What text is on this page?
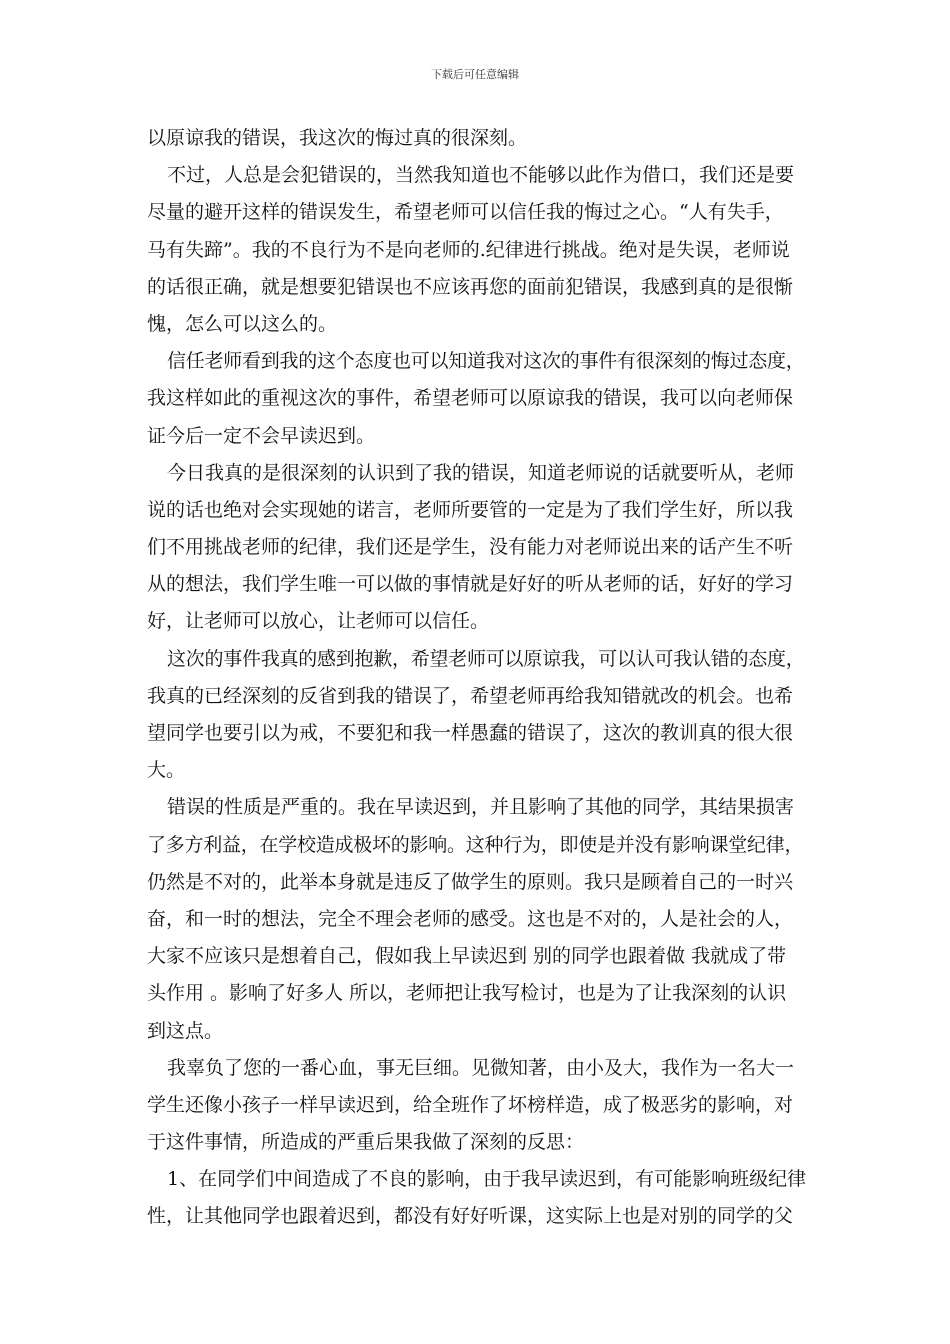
下载后可任意编辑
以原谅我的错误，我这次的悔过真的很深刻。
不过，人总是会犯错误的，当然我知道也不能够以此作为借口，我们还是要
尽量的避开这样的错误发生，希望老师可以信任我的悔过之心。“人有失手，
马有失蹄”。我的不良行为不是向老师的.纪律进行挑战。绝对是失误，老师说
的话很正确，就是想要犯错误也不应该再您的面前犯错误，我感到真的是很惭
愧，怎么可以这么的。
信任老师看到我的这个态度也可以知道我对这次的事件有很深刻的悔过态度，
我这样如此的重视这次的事件，希望老师可以原谅我的错误，我可以向老师保
证今后一定不会早读迟到。
今日我真的是很深刻的认识到了我的错误，知道老师说的话就要听从，老师
说的话也绝对会实现她的诺言，老师所要管的一定是为了我们学生好，所以我
们不用挑战老师的纪律，我们还是学生，没有能力对老师说出来的话产生不听
从的想法，我们学生唯一可以做的事情就是好好的听从老师的话，好好的学习
好，让老师可以放心，让老师可以信任。
这次的事件我真的感到抱歉，希望老师可以原谅我，可以认可我认错的态度，
我真的已经深刻的反省到我的错误了，希望老师再给我知错就改的机会。也希
望同学也要引以为戒，不要犯和我一样愚蠢的错误了，这次的教训真的很大很
大。
错误的性质是严重的。我在早读迟到，并且影响了其他的同学，其结果损害
了多方利益，在学校造成极坏的影响。这种行为，即使是并没有影响课堂纪律，
仍然是不对的，此举本身就是违反了做学生的原则。我只是顾着自己的一时兴
奋，和一时的想法，完全不理会老师的感受。这也是不对的，人是社会的人，
大家不应该只是想着自己，假如我上早读迟到 别的同学也跟着做 我就成了带
头作用 。影响了好多人 所以，老师把让我写检讨，也是为了让我深刻的认识
到这点。
我辜负了您的一番心血，事无巨细。见微知著，由小及大，我作为一名大一
学生还像小孩子一样早读迟到，给全班作了坏榜样造，成了极恶劣的影响，对
于这件事情，所造成的严重后果我做了深刻的反思：
1、在同学们中间造成了不良的影响，由于我早读迟到，有可能影响班级纪律
性，让其他同学也跟着迟到，都没有好好听课，这实际上也是对别的同学的父
